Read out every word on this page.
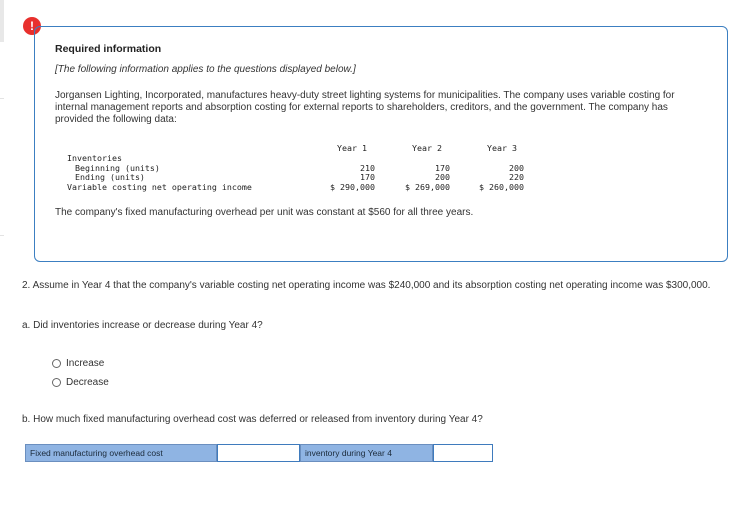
!
Required information
[The following information applies to the questions displayed below.]
Jorgansen Lighting, Incorporated, manufactures heavy-duty street lighting systems for municipalities. The company uses variable costing for internal management reports and absorption costing for external reports to shareholders, creditors, and the government. The company has provided the following data:
Year 1	Year 2	Year 3
Inventories
Beginning (units)	210	170	200
Ending (units)	170	200	220
Variable costing net operating income	$ 290,000	$ 269,000	$ 260,000
The company's fixed manufacturing overhead per unit was constant at $560 for all three years.
2. Assume in Year 4 that the company's variable costing net operating income was $240,000 and its absorption costing net operating income was $300,000.
a. Did inventories increase or decrease during Year 4?
Increase
Decrease
b. How much fixed manufacturing overhead cost was deferred or released from inventory during Year 4?
Fixed manufacturing overhead cost	inventory during Year 4
